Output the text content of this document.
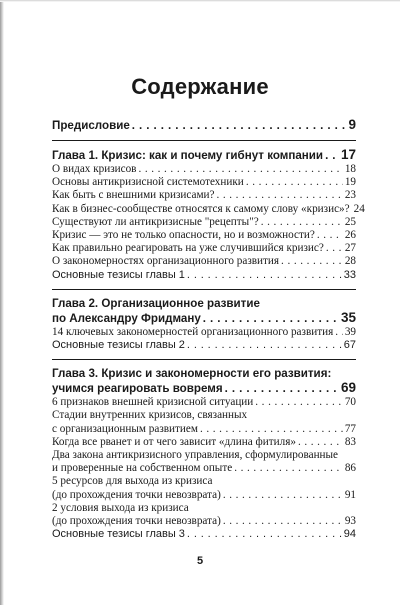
Содержание
Предисловие . . .	9
Глава 1. Кризис: как и почему гибнут компании . . . 17
О видах кризисов . . .	18
Основы антикризисной системотехники . . .	19
Как быть с внешними кризисами? . . .	23
Как в бизнес-сообществе относятся к самому слову «кризис»? 24
Существуют ли антикризисные "рецепты"? . . .	25
Кризис — это не только опасности, но и возможности? . . .	26
Как правильно реагировать на уже случившийся кризис? . . . 27
О закономерностях организационного развития . . .	28
Основные тезисы главы 1 . . .	33
Глава 2. Организационное развитие
по Александру Фридману . . .	35
14 ключевых закономерностей организационного развития . . . 39
Основные тезисы главы 2 . . .	67
Глава 3. Кризис и закономерности его развития:
учимся реагировать вовремя . . .	69
6 признаков внешней кризисной ситуации . . .	70
Стадии внутренних кризисов, связанных
с организационным развитием . . .	77
Когда все рванет и от чего зависит «длина фитиля» . . .	83
Два закона антикризисного управления, сформулированные
и проверенные на собственном опыте . . .	86
5 ресурсов для выхода из кризиса
(до прохождения точки невозврата) . . .	91
2 условия выхода из кризиса
(до прохождения точки невозврата) . . .	93
Основные тезисы главы 3 . . .	94
5
